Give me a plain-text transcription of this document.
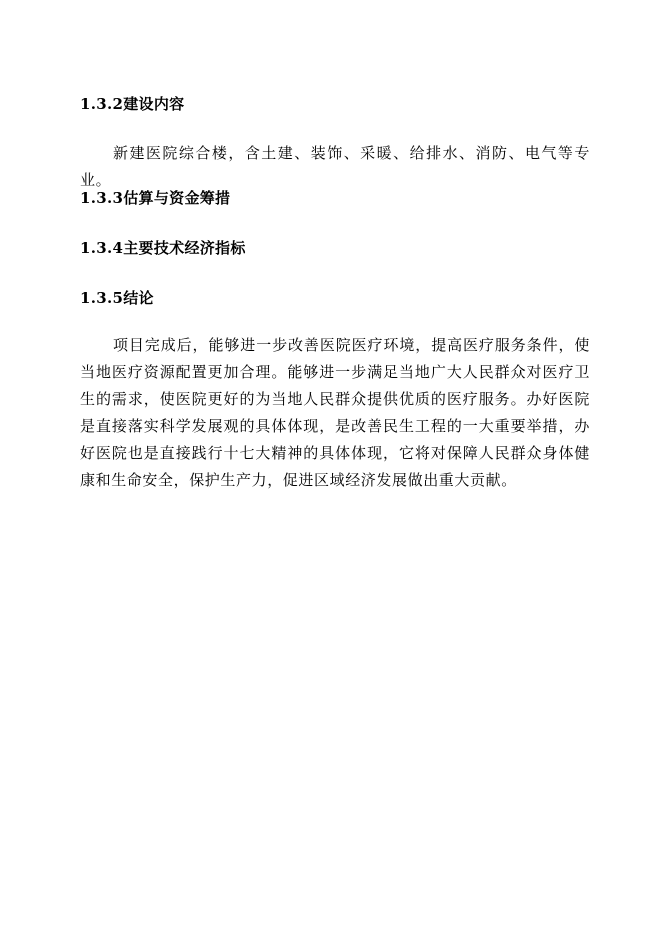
1.3.2建设内容
新建医院综合楼，含土建、装饰、采暖、给排水、消防、电气等专业。
1.3.3估算与资金筹措
1.3.4主要技术经济指标
1.3.5结论
项目完成后，能够进一步改善医院医疗环境，提高医疗服务条件，使当地医疗资源配置更加合理。能够进一步满足当地广大人民群众对医疗卫生的需求，使医院更好的为当地人民群众提供优质的医疗服务。办好医院是直接落实科学发展观的具体体现，是改善民生工程的一大重要举措，办好医院也是直接践行十七大精神的具体体现，它将对保障人民群众身体健康和生命安全，保护生产力，促进区域经济发展做出重大贡献。
